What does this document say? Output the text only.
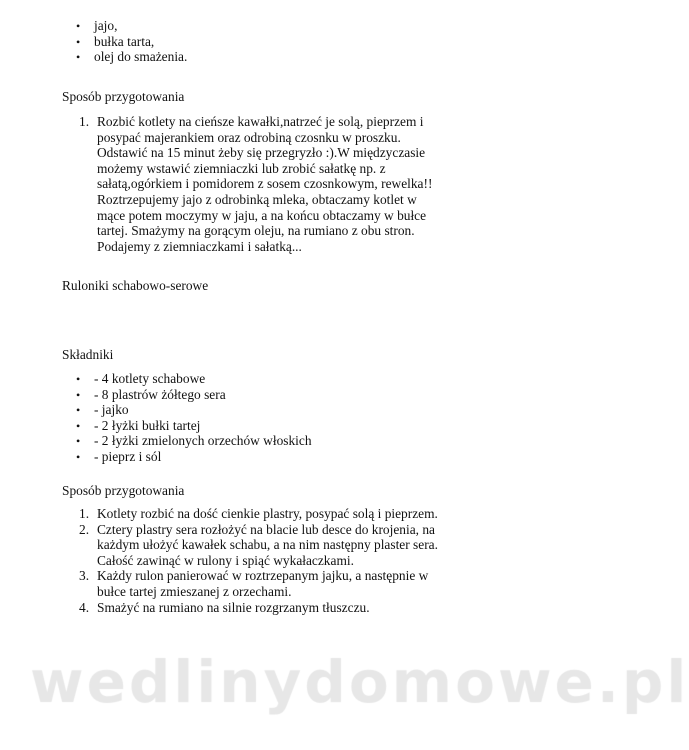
• jajo,
• bułka tarta,
• olej do smażenia.
Sposób przygotowania
1. Rozbić kotlety na cieńsze kawałki,natrzeć je solą, pieprzem i posypać majerankiem oraz odrobiną czosnku w proszku. Odstawić na 15 minut żeby się przegryzło :).W międzyczasie możemy wstawić ziemniaczki lub zrobić sałatkę np. z sałatą,ogórkiem i pomidorem z sosem czosnkowym, rewelka!! Roztrzepujemy jajo z odrobinką mleka, obtaczamy kotlet w mące potem moczymy w jaju, a na końcu obtaczamy w bułce tartej. Smażymy na gorącym oleju, na rumiano z obu stron. Podajemy z ziemniaczkami i sałatką...
Ruloniki schabowo-serowe
Składniki
• - 4 kotlety schabowe
• - 8 plastrów żółtego sera
• - jajko
• - 2 łyżki bułki tartej
• - 2 łyżki zmielonych orzechów włoskich
• - pieprz i sól
Sposób przygotowania
1. Kotlety rozbić na dość cienkie plastry, posypać solą i pieprzem.
2. Cztery plastry sera rozłożyć na blacie lub desce do krojenia, na każdym ułożyć kawałek schabu, a na nim następny plaster sera. Całość zawinąć w rulony i spiąć wykałaczkami.
3. Każdy rulon panierować w roztrzepanym jajku, a następnie w bułce tartej zmieszanej z orzechami.
4. Smażyć na rumiano na silnie rozgrzanym tłuszczu.
wedlinydomowe.pl
